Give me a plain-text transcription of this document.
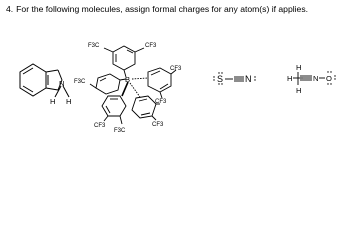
4. For the following molecules, assign formal charges for any atom(s) if applies.
N
H H
B
F3C	CF3
F3C
CF3
CF3
CF3
F3C
CF3
S N
H
H
H
N O
